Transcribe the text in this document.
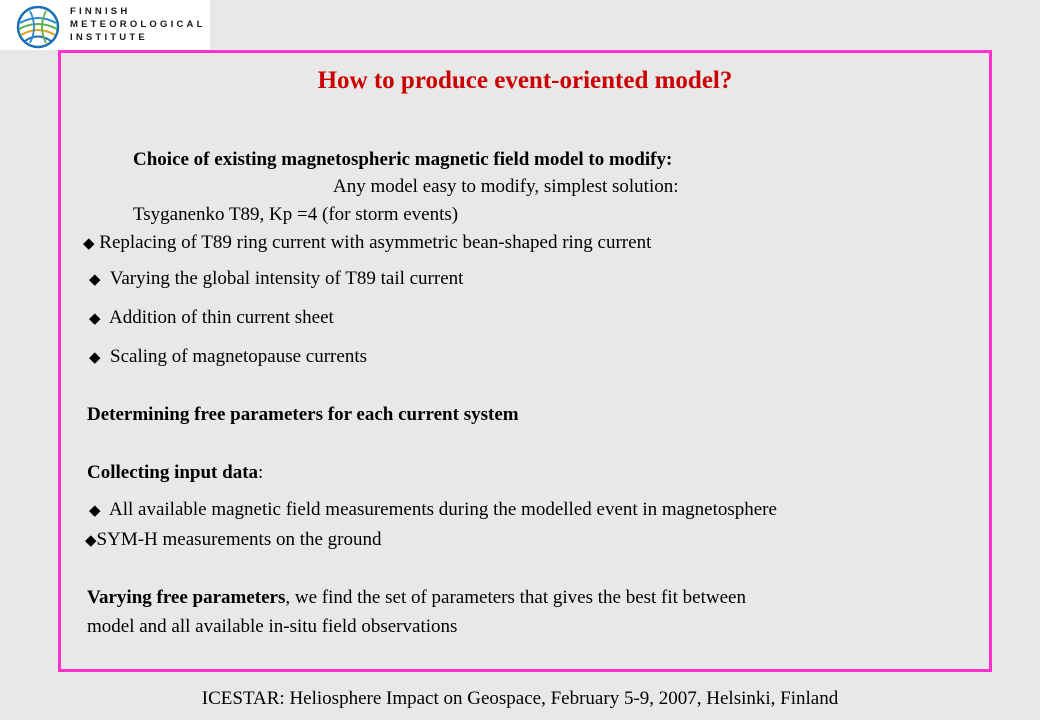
FINNISH
METEOROLOGICAL
INSTITUTE
How to produce event-oriented model?
Choice of existing magnetospheric magnetic field model to modify:
Any model easy to modify, simplest solution:
Tsyganenko T89, Kp =4 (for storm events)
◆ Replacing of T89 ring current with asymmetric bean-shaped ring current
◆ Varying the global intensity of T89 tail current
◆ Addition of thin current sheet
◆ Scaling of magnetopause currents
Determining free parameters for each current system
Collecting input data:
◆ All available magnetic field measurements during the modelled event in magnetosphere
◆SYM-H measurements on the ground
Varying free parameters, we find the set of parameters that gives the best fit between
model and all available in-situ field observations
ICESTAR: Heliosphere Impact on Geospace, February 5-9, 2007, Helsinki, Finland
